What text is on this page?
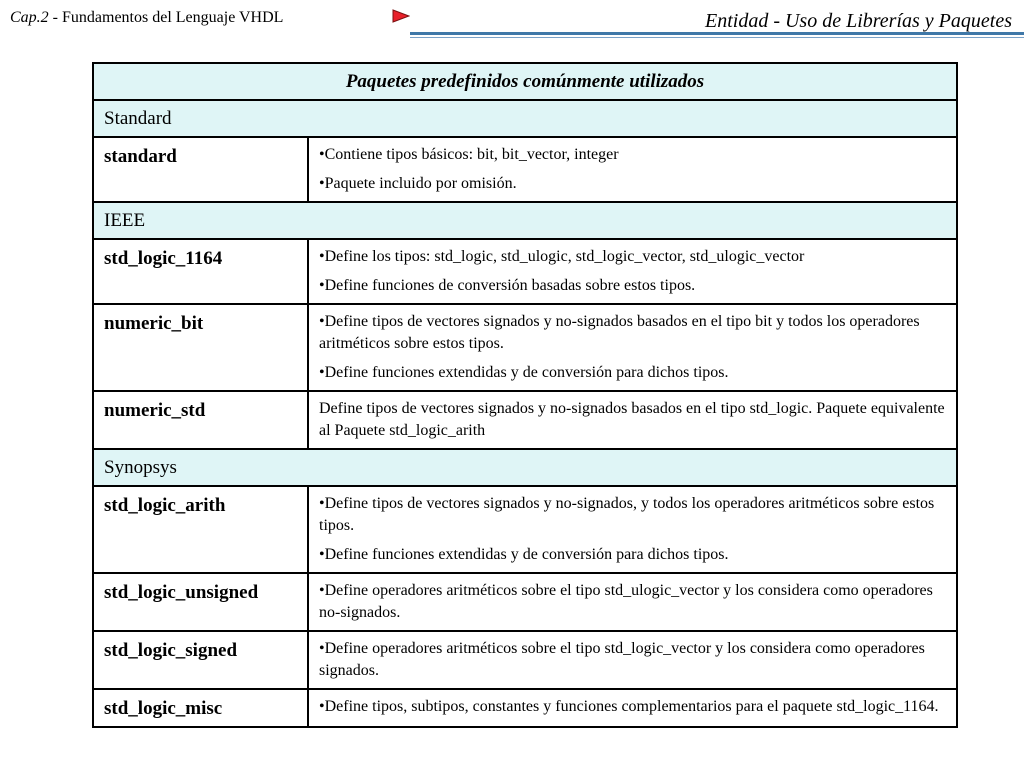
Cap.2 - Fundamentos del Lenguaje VHDL	Entidad - Uso de Librerías y Paquetes
Paquetes predefinidos comúnmente utilizados	
Standard	
standard	•Contiene tipos básicos: bit, bit_vector, integer

•Paquete incluido por omisión.

IEEE	
std_logic_1164	•Define los tipos: std_logic, std_ulogic, std_logic_vector, std_ulogic_vector

•Define funciones de conversión basadas sobre estos tipos.

numeric_bit	•Define tipos de vectores signados y no-signados basados en el tipo bit y todos los operadores aritméticos sobre estos tipos.

•Define funciones extendidas y de conversión para dichos tipos.

numeric_std	Define tipos de vectores signados y no-signados basados en el tipo std_logic. Paquete equivalente al Paquete std_logic_arith

Synopsys	
std_logic_arith	•Define tipos de vectores signados y no-signados, y todos los operadores aritméticos sobre estos tipos.

•Define funciones extendidas y de conversión para dichos tipos.

std_logic_unsigned	•Define operadores aritméticos sobre el tipo std_ulogic_vector y los considera como operadores no-signados.

std_logic_signed	•Define operadores aritméticos sobre el tipo std_logic_vector y los considera como operadores signados.

std_logic_misc	•Define tipos, subtipos, constantes y funciones complementarios para el paquete std_logic_1164.
